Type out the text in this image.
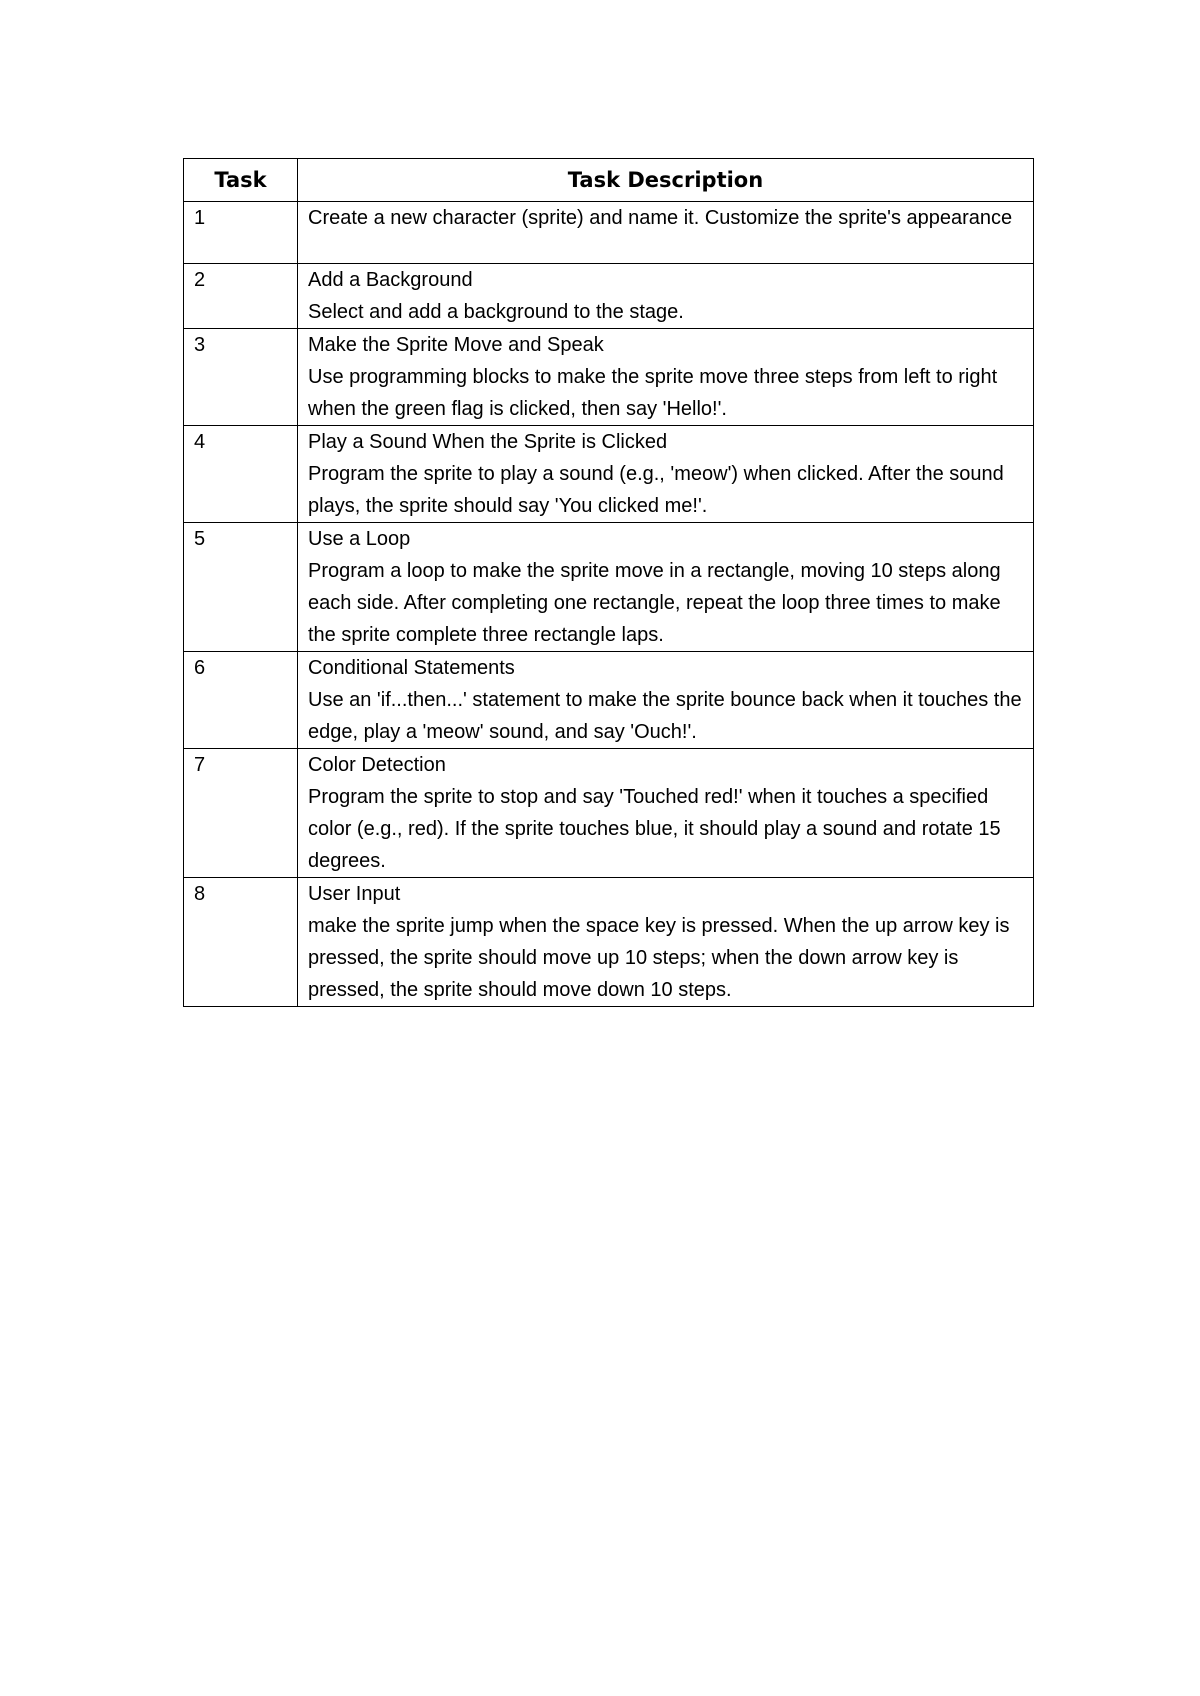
Task	Task Description
1	Create a new character (sprite) and name it. Customize the sprite's appearance

2	Add a Background
Select and add a background to the stage.

3	Make the Sprite Move and Speak
Use programming blocks to make the sprite move three steps from left to right when the green flag is clicked, then say 'Hello!'.

4	Play a Sound When the Sprite is Clicked
Program the sprite to play a sound (e.g., 'meow') when clicked. After the sound plays, the sprite should say 'You clicked me!'.

5	Use a Loop
Program a loop to make the sprite move in a rectangle, moving 10 steps along each side. After completing one rectangle, repeat the loop three times to make the sprite complete three rectangle laps.

6	Conditional Statements
Use an 'if...then...' statement to make the sprite bounce back when it touches the edge, play a 'meow' sound, and say 'Ouch!'.

7	Color Detection
Program the sprite to stop and say 'Touched red!' when it touches a specified color (e.g., red). If the sprite touches blue, it should play a sound and rotate 15 degrees.

8	User Input
make the sprite jump when the space key is pressed. When the up arrow key is pressed, the sprite should move up 10 steps; when the down arrow key is pressed, the sprite should move down 10 steps.
